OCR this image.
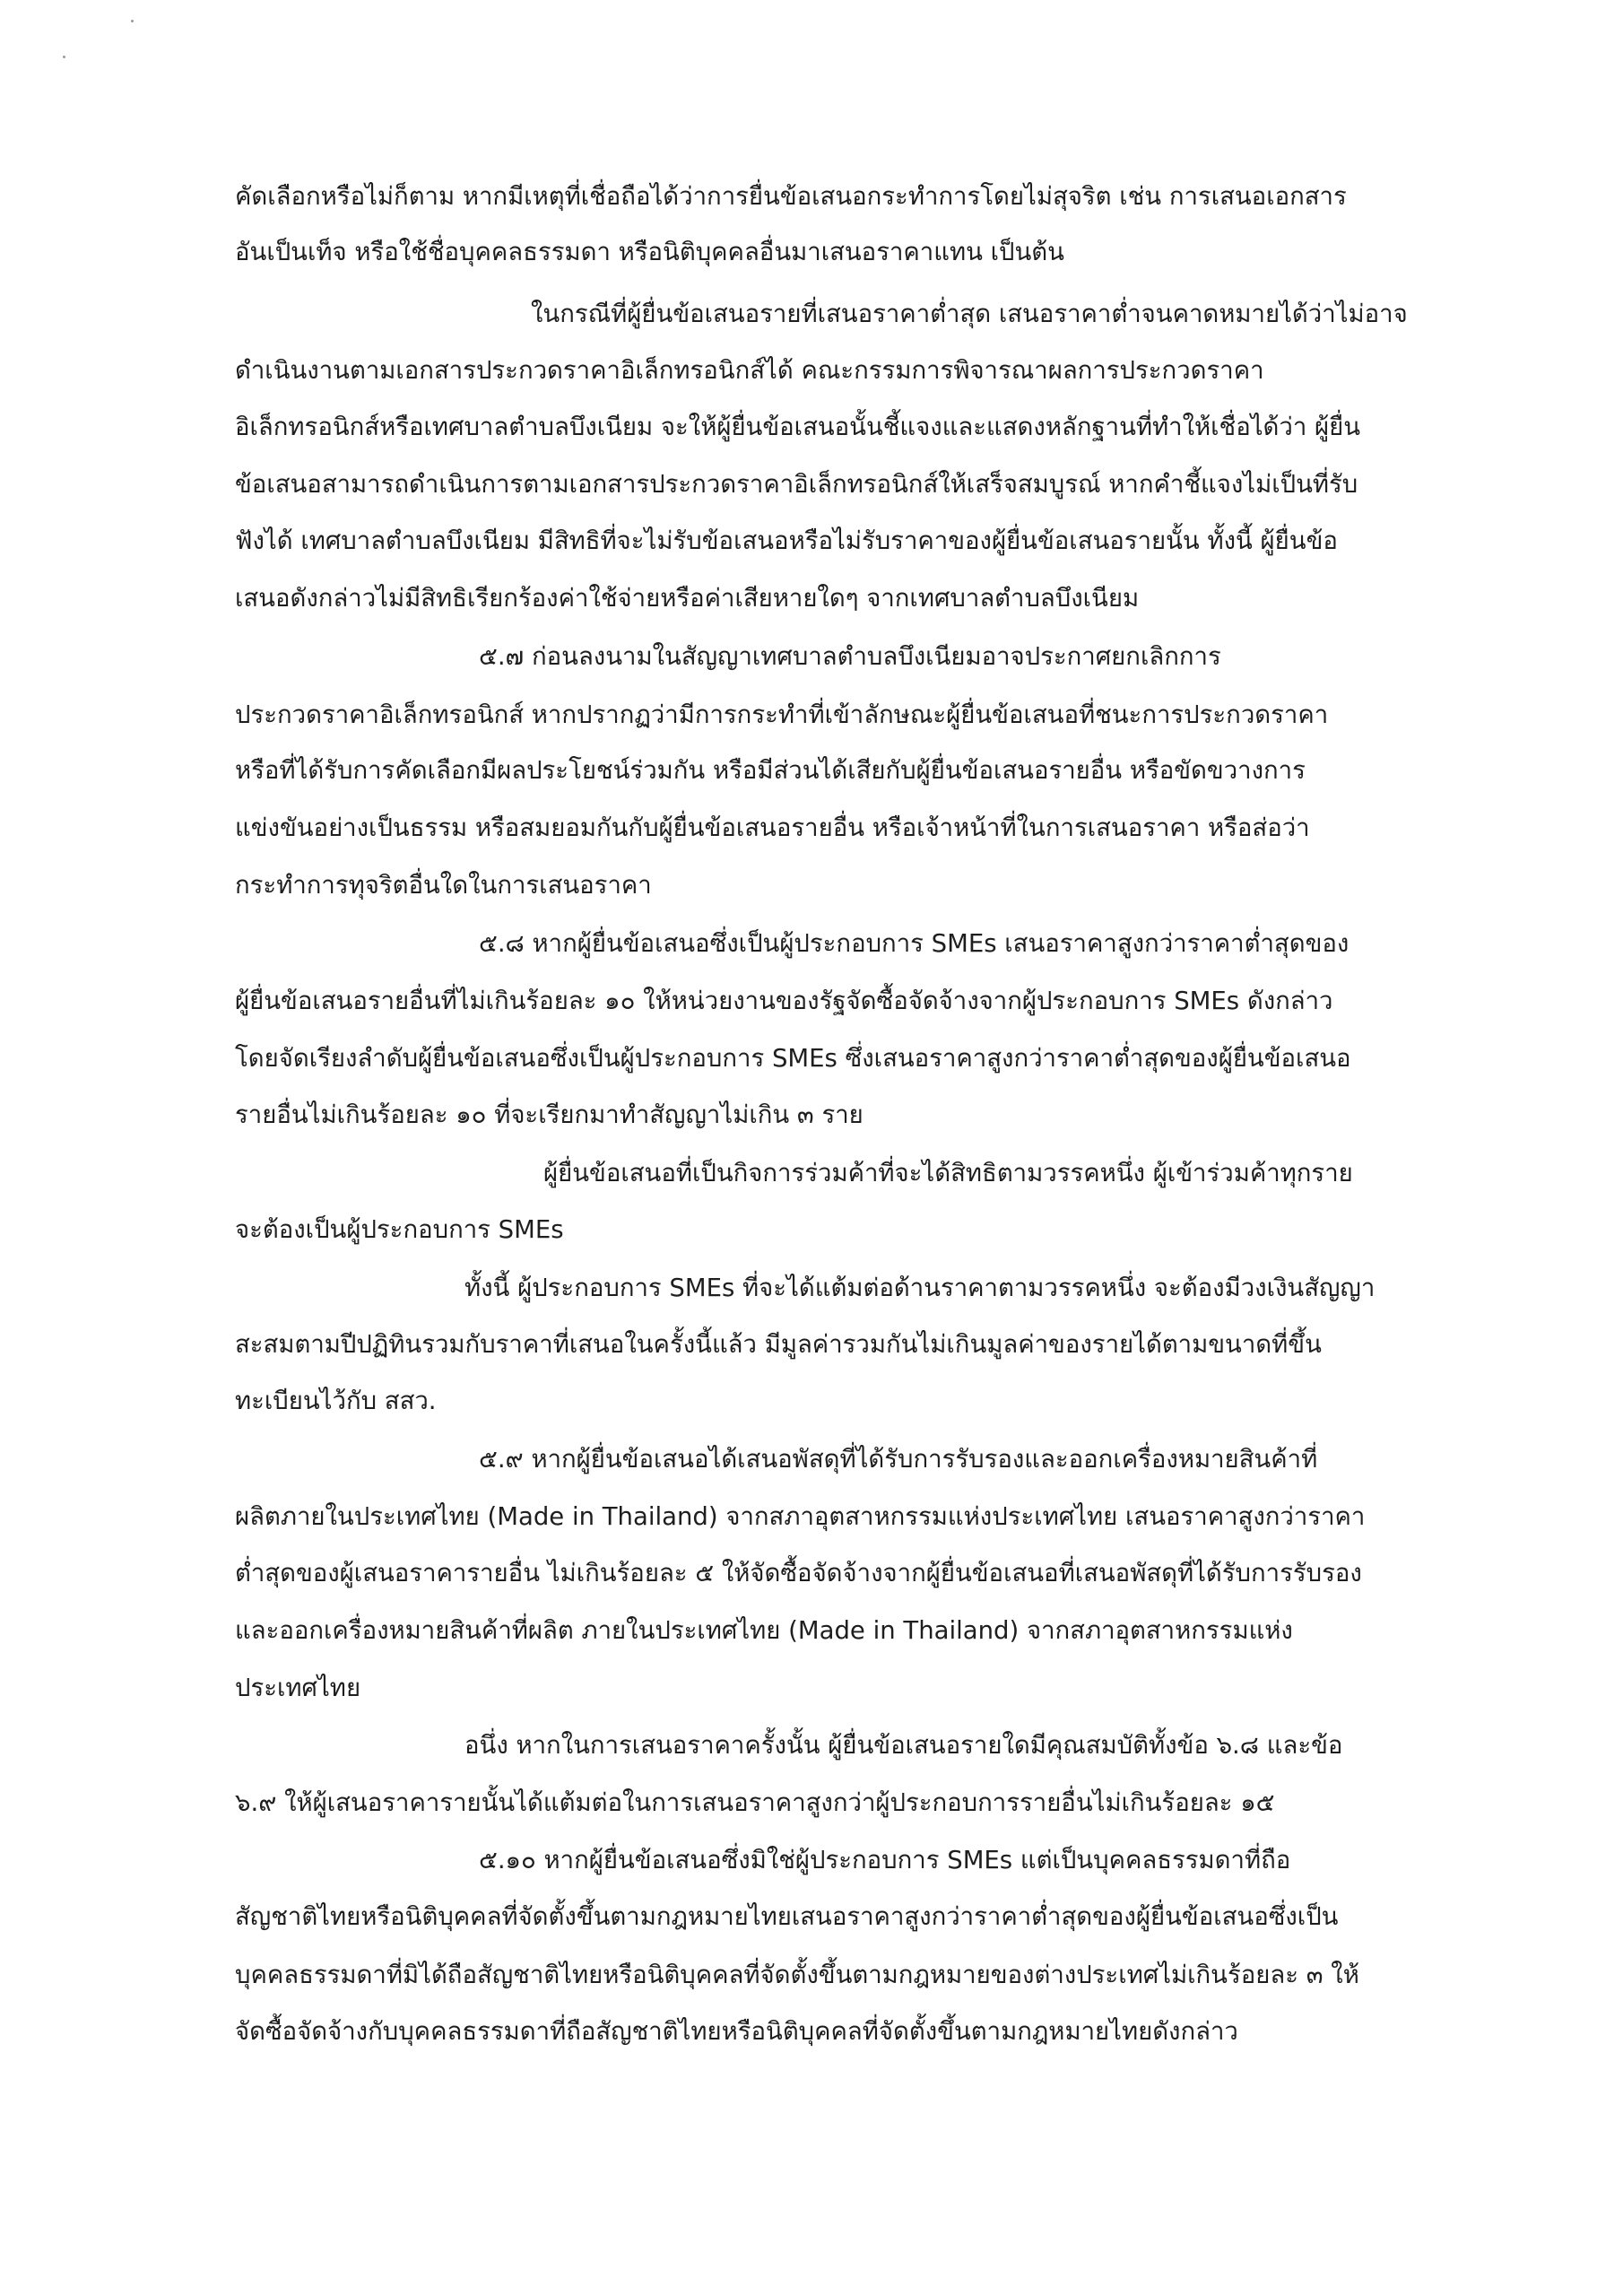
คัดเลือกหรือไม่ก็ตาม หากมีเหตุที่เชื่อถือได้ว่าการยื่นข้อเสนอกระทำการโดยไม่สุจริต เช่น การเสนอเอกสาร

อันเป็นเท็จ หรือใช้ชื่อบุคคลธรรมดา หรือนิติบุคคลอื่นมาเสนอราคาแทน เป็นต้น

ในกรณีที่ผู้ยื่นข้อเสนอรายที่เสนอราคาต่ำสุด เสนอราคาต่ำจนคาดหมายได้ว่าไม่อาจ

ดำเนินงานตามเอกสารประกวดราคาอิเล็กทรอนิกส์ได้ คณะกรรมการพิจารณาผลการประกวดราคา

อิเล็กทรอนิกส์หรือเทศบาลตำบลบึงเนียม จะให้ผู้ยื่นข้อเสนอนั้นชี้แจงและแสดงหลักฐานที่ทำให้เชื่อได้ว่า ผู้ยื่น

ข้อเสนอสามารถดำเนินการตามเอกสารประกวดราคาอิเล็กทรอนิกส์ให้เสร็จสมบูรณ์ หากคำชี้แจงไม่เป็นที่รับ

ฟังได้ เทศบาลตำบลบึงเนียม มีสิทธิที่จะไม่รับข้อเสนอหรือไม่รับราคาของผู้ยื่นข้อเสนอรายนั้น ทั้งนี้ ผู้ยื่นข้อ

เสนอดังกล่าวไม่มีสิทธิเรียกร้องค่าใช้จ่ายหรือค่าเสียหายใดๆ จากเทศบาลตำบลบึงเนียม

๕.๗ ก่อนลงนามในสัญญาเทศบาลตำบลบึงเนียมอาจประกาศยกเลิกการ

ประกวดราคาอิเล็กทรอนิกส์ หากปรากฏว่ามีการกระทำที่เข้าลักษณะผู้ยื่นข้อเสนอที่ชนะการประกวดราคา

หรือที่ได้รับการคัดเลือกมีผลประโยชน์ร่วมกัน หรือมีส่วนได้เสียกับผู้ยื่นข้อเสนอรายอื่น หรือขัดขวางการ

แข่งขันอย่างเป็นธรรม หรือสมยอมกันกับผู้ยื่นข้อเสนอรายอื่น หรือเจ้าหน้าที่ในการเสนอราคา หรือส่อว่า

กระทำการทุจริตอื่นใดในการเสนอราคา

๕.๘ หากผู้ยื่นข้อเสนอซึ่งเป็นผู้ประกอบการ SMEs เสนอราคาสูงกว่าราคาต่ำสุดของ

ผู้ยื่นข้อเสนอรายอื่นที่ไม่เกินร้อยละ ๑๐ ให้หน่วยงานของรัฐจัดซื้อจัดจ้างจากผู้ประกอบการ SMEs ดังกล่าว

โดยจัดเรียงลำดับผู้ยื่นข้อเสนอซึ่งเป็นผู้ประกอบการ SMEs ซึ่งเสนอราคาสูงกว่าราคาต่ำสุดของผู้ยื่นข้อเสนอ

รายอื่นไม่เกินร้อยละ ๑๐ ที่จะเรียกมาทำสัญญาไม่เกิน ๓ ราย

ผู้ยื่นข้อเสนอที่เป็นกิจการร่วมค้าที่จะได้สิทธิตามวรรคหนึ่ง ผู้เข้าร่วมค้าทุกราย

จะต้องเป็นผู้ประกอบการ SMEs

ทั้งนี้ ผู้ประกอบการ SMEs ที่จะได้แต้มต่อด้านราคาตามวรรคหนึ่ง จะต้องมีวงเงินสัญญา

สะสมตามปีปฏิทินรวมกับราคาที่เสนอในครั้งนี้แล้ว มีมูลค่ารวมกันไม่เกินมูลค่าของรายได้ตามขนาดที่ขึ้น

ทะเบียนไว้กับ สสว.

๕.๙ หากผู้ยื่นข้อเสนอได้เสนอพัสดุที่ได้รับการรับรองและออกเครื่องหมายสินค้าที่

ผลิตภายในประเทศไทย (Made in Thailand) จากสภาอุตสาหกรรมแห่งประเทศไทย เสนอราคาสูงกว่าราคา

ต่ำสุดของผู้เสนอราคารายอื่น ไม่เกินร้อยละ ๕ ให้จัดซื้อจัดจ้างจากผู้ยื่นข้อเสนอที่เสนอพัสดุที่ได้รับการรับรอง

และออกเครื่องหมายสินค้าที่ผลิต ภายในประเทศไทย (Made in Thailand) จากสภาอุตสาหกรรมแห่ง

ประเทศไทย

อนึ่ง หากในการเสนอราคาครั้งนั้น ผู้ยื่นข้อเสนอรายใดมีคุณสมบัติทั้งข้อ ๖.๘ และข้อ

๖.๙ ให้ผู้เสนอราคารายนั้นได้แต้มต่อในการเสนอราคาสูงกว่าผู้ประกอบการรายอื่นไม่เกินร้อยละ ๑๕

๕.๑๐ หากผู้ยื่นข้อเสนอซึ่งมิใช่ผู้ประกอบการ SMEs แต่เป็นบุคคลธรรมดาที่ถือ

สัญชาติไทยหรือนิติบุคคลที่จัดตั้งขึ้นตามกฎหมายไทยเสนอราคาสูงกว่าราคาต่ำสุดของผู้ยื่นข้อเสนอซึ่งเป็น

บุคคลธรรมดาที่มิได้ถือสัญชาติไทยหรือนิติบุคคลที่จัดตั้งขึ้นตามกฎหมายของต่างประเทศไม่เกินร้อยละ ๓ ให้

จัดซื้อจัดจ้างกับบุคคลธรรมดาที่ถือสัญชาติไทยหรือนิติบุคคลที่จัดตั้งขึ้นตามกฎหมายไทยดังกล่าว
